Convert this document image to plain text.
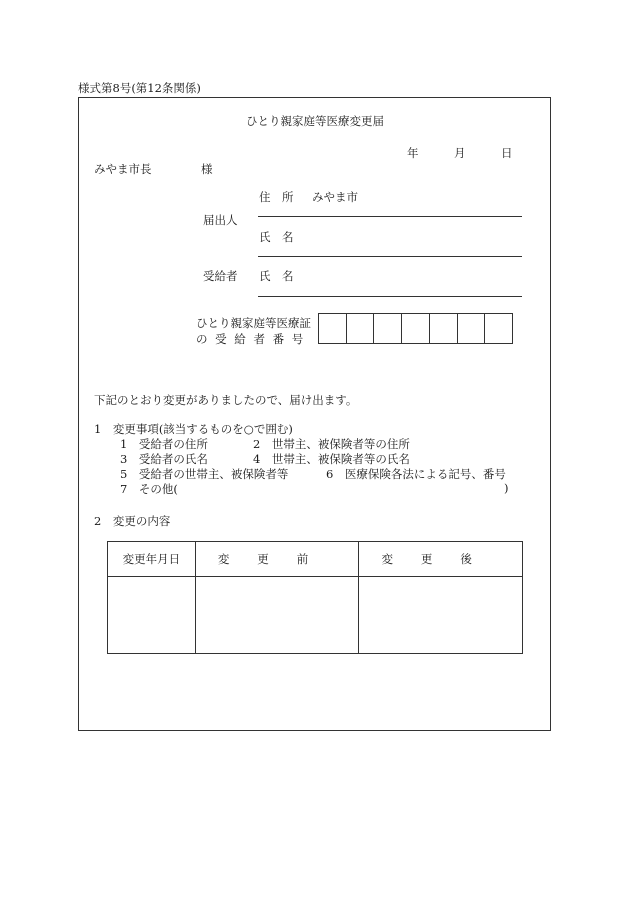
様式第8号(第12条関係)
ひとり親家庭等医療変更届
年	月	日
みやま市長	様
届出人
住　所 みやま市
氏　名
受給者 氏　名
ひとり親家庭等医療証
の 受 給 者 番 号
下記のとおり変更がありましたので、届け出ます。
1　変更事項(該当するものを○で囲む)
1　受給者の住所	2　世帯主、被保険者等の住所
3　受給者の氏名	4　世帯主、被保険者等の氏名
5　受給者の世帯主、被保険者等	6　医療保険各法による記号、番号
7　その他(	)
2　変更の内容
変更年月日	変更前	変更後
